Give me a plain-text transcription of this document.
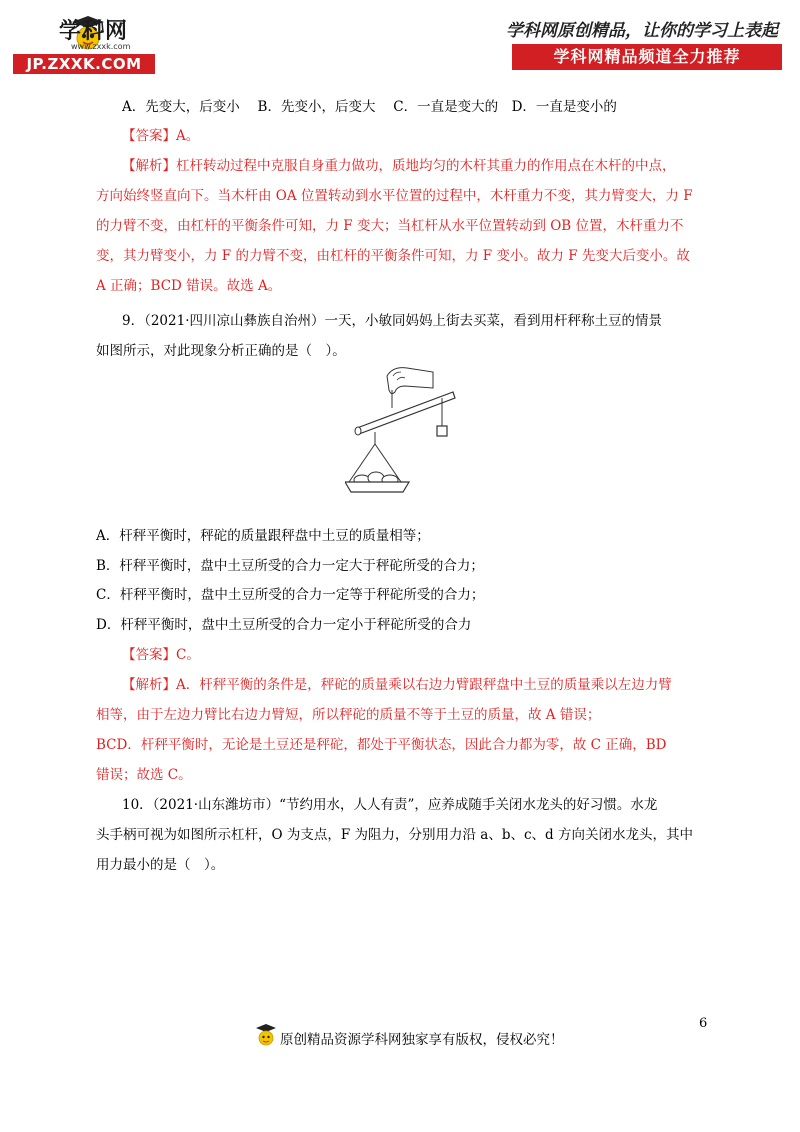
学科网
www.zxxk.com
JP.ZXXK.COM
学科网原创精品，让你的学习上表起
学科网精品频道全力推荐
A．先变大，后变小　 B．先变小，后变大　 C．一直是变大的　D．一直是变小的
【答案】A。
【解析】杠杆转动过程中克服自身重力做功，质地均匀的木杆其重力的作用点在木杆的中点，
方向始终竖直向下。当木杆由 OA 位置转动到水平位置的过程中，木杆重力不变，其力臂变大，力 F
的力臂不变，由杠杆的平衡条件可知，力 F 变大；当杠杆从水平位置转动到 OB 位置，木杆重力不
变，其力臂变小，力 F 的力臂不变，由杠杆的平衡条件可知，力 F 变小。故力 F 先变大后变小。故
A 正确；BCD 错误。故选 A。
9．（2021·四川凉山彝族自治州）一天，小敏同妈妈上街去买菜，看到用杆秤称土豆的情景
如图所示，对此现象分析正确的是（　）。
A．杆秤平衡时，秤砣的质量跟秤盘中土豆的质量相等；
B．杆秤平衡时，盘中土豆所受的合力一定大于秤砣所受的合力；
C．杆秤平衡时，盘中土豆所受的合力一定等于秤砣所受的合力；
D．杆秤平衡时，盘中土豆所受的合力一定小于秤砣所受的合力
【答案】C。
【解析】A．杆秤平衡的条件是，秤砣的质量乘以右边力臂跟秤盘中土豆的质量乘以左边力臂
相等，由于左边力臂比右边力臂短，所以秤砣的质量不等于土豆的质量，故 A 错误；
BCD．杆秤平衡时，无论是土豆还是秤砣，都处于平衡状态，因此合力都为零，故 C 正确，BD
错误；故选 C。
10．（2021·山东潍坊市）“节约用水，人人有责”，应养成随手关闭水龙头的好习惯。水龙
头手柄可视为如图所示杠杆，O 为支点，F 为阻力，分别用力沿 a、b、c、d 方向关闭水龙头，其中
用力最小的是（　）。
6
原创精品资源学科网独家享有版权，侵权必究！
